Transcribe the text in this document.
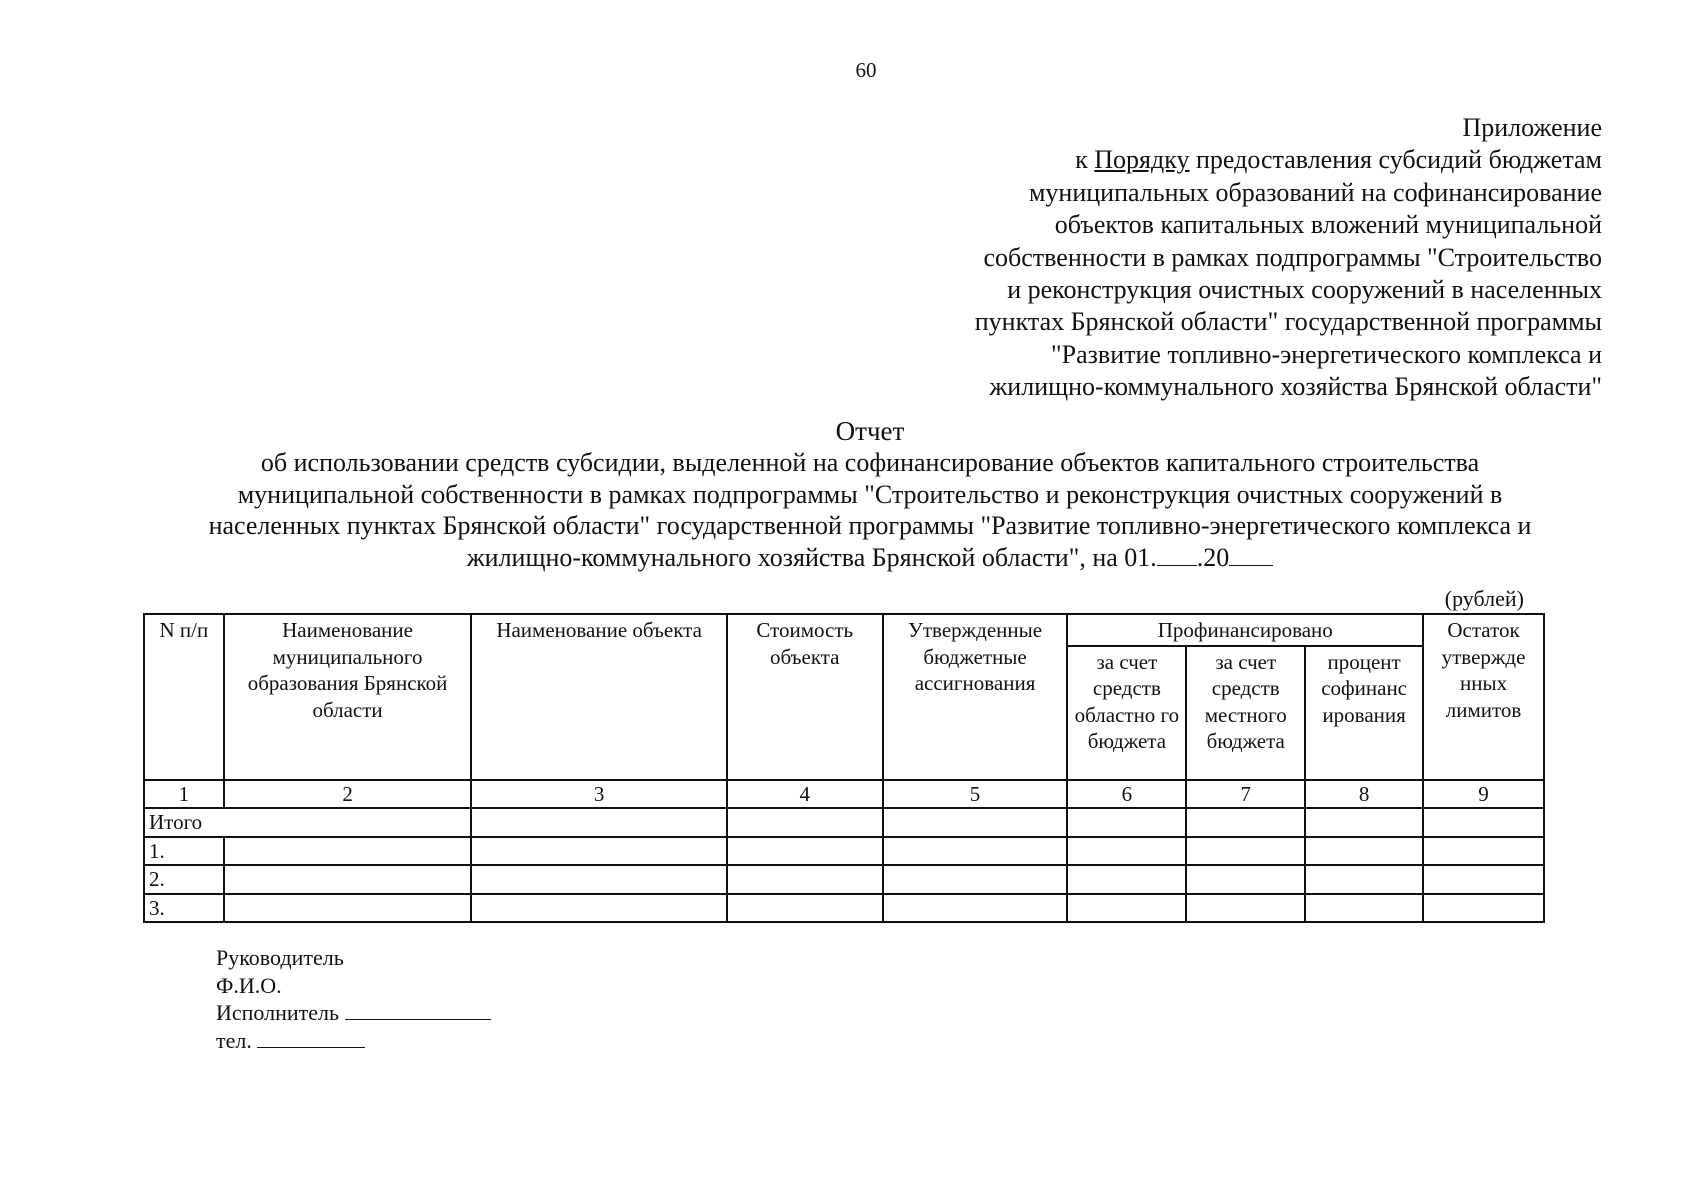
60
Приложение
к Порядку предоставления субсидий бюджетам
муниципальных образований на софинансирование
объектов капитальных вложений муниципальной
собственности в рамках подпрограммы "Строительство
и реконструкция очистных сооружений в населенных
пунктах Брянской области" государственной программы
"Развитие топливно-энергетического комплекса и
жилищно-коммунального хозяйства Брянской области"
Отчет
об использовании средств субсидии, выделенной на софинансирование объектов капитального строительства
муниципальной собственности в рамках подпрограммы "Строительство и реконструкция очистных сооружений в
населенных пунктах Брянской области" государственной программы "Развитие топливно-энергетического комплекса и
жилищно-коммунального хозяйства Брянской области", на 01. .20
(рублей)
N п/п	Наименование муниципального образования Брянской области	Наименование объекта	Стоимость объекта	Утвержденные бюджетные ассигнования	Профинансировано			Остаток утвержде нных лимитов
					за счет средств областно го бюджета	за счет средств местного бюджета	процент софинанс ирования	
1	2	3	4	5	6	7	8	9
Итого								
1.								
2.								
3.								
Руководитель
Ф.И.О.
Исполнитель
тел.
